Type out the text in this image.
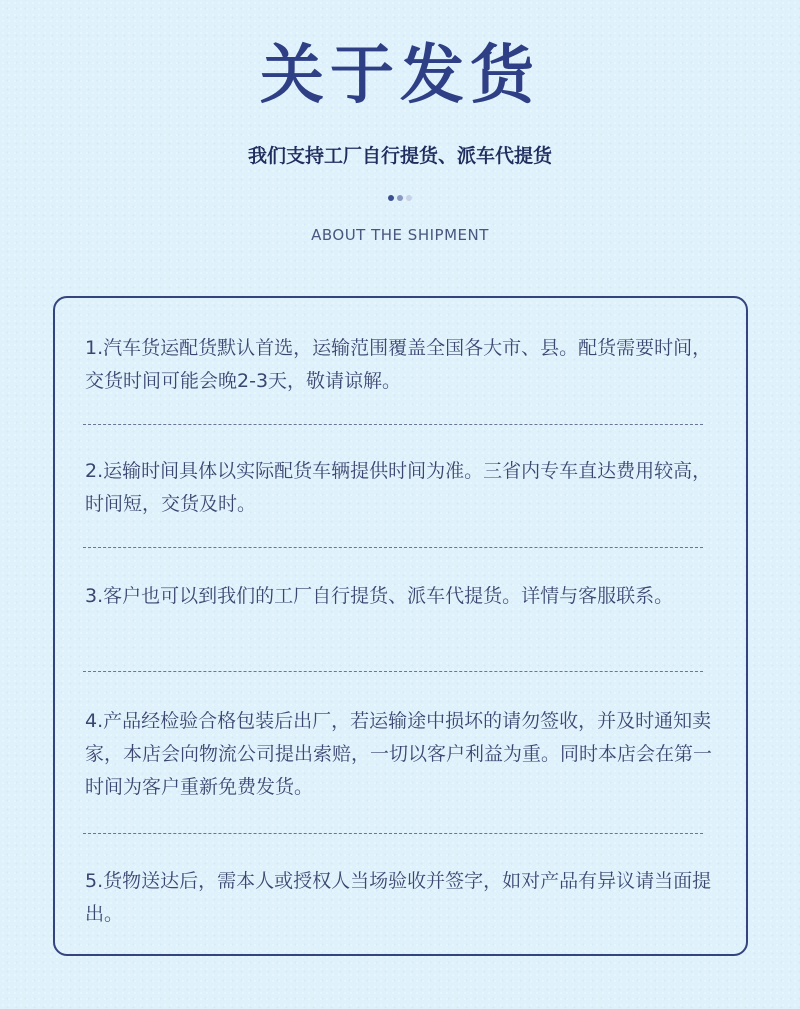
关于发货
我们支持工厂自行提货、派车代提货
ABOUT THE SHIPMENT
1.汽车货运配货默认首选，运输范围覆盖全国各大市、县。配货需要时间，交货时间可能会晚2-3天，敬请谅解。
2.运输时间具体以实际配货车辆提供时间为准。三省内专车直达费用较高，时间短，交货及时。
3.客户也可以到我们的工厂自行提货、派车代提货。详情与客服联系。
4.产品经检验合格包装后出厂，若运输途中损坏的请勿签收，并及时通知卖家，本店会向物流公司提出索赔，一切以客户利益为重。同时本店会在第一时间为客户重新免费发货。
5.货物送达后，需本人或授权人当场验收并签字，如对产品有异议请当面提出。
